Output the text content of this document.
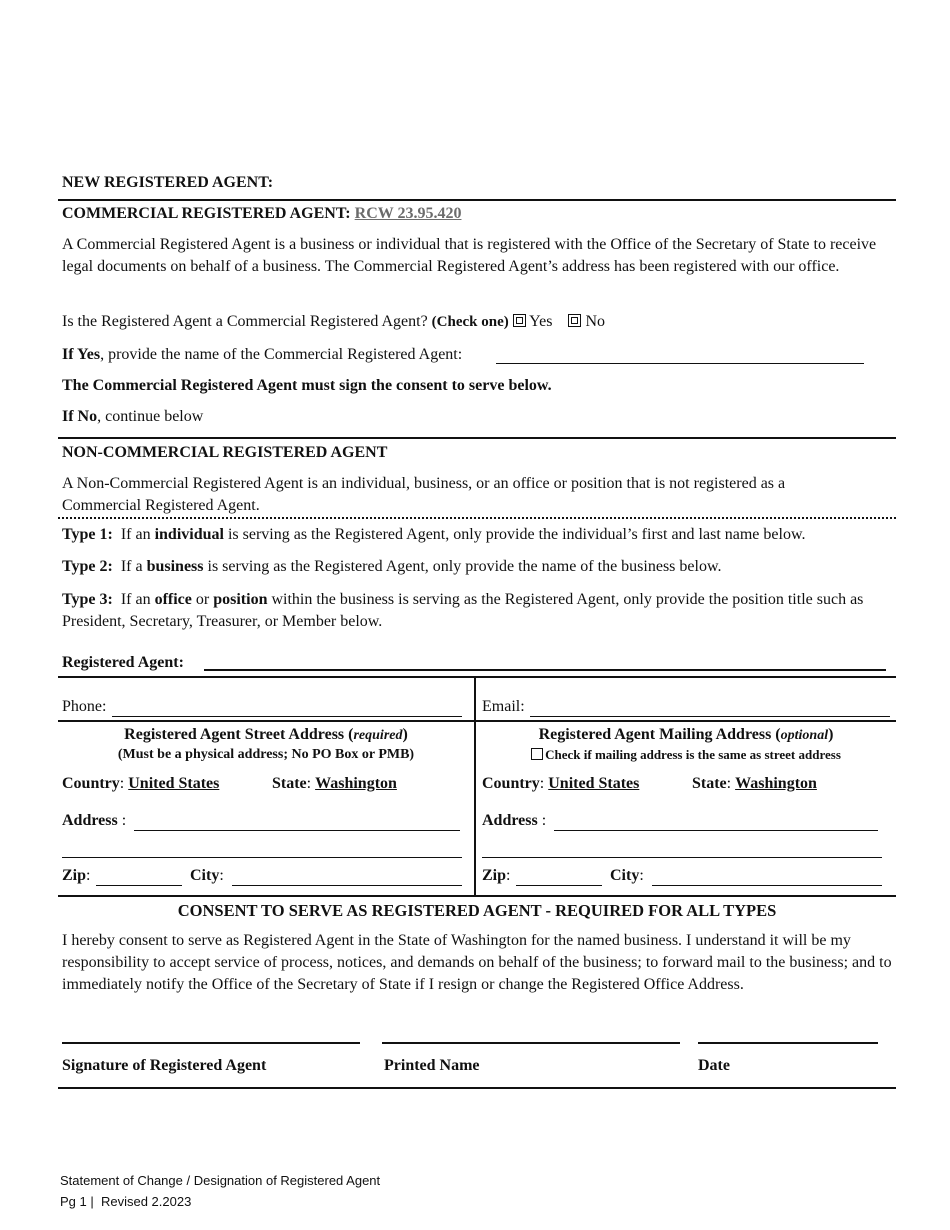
NEW REGISTERED AGENT:
COMMERCIAL REGISTERED AGENT: RCW 23.95.420
A Commercial Registered Agent is a business or individual that is registered with the Office of the Secretary of State to receive legal documents on behalf of a business. The Commercial Registered Agent’s address has been registered with our office.
Is the Registered Agent a Commercial Registered Agent? (Check one) Yes No
If Yes, provide the name of the Commercial Registered Agent:
The Commercial Registered Agent must sign the consent to serve below.
If No, continue below
NON-COMMERCIAL REGISTERED AGENT
A Non-Commercial Registered Agent is an individual, business, or an office or position that is not registered as a Commercial Registered Agent.
Type 1: If an individual is serving as the Registered Agent, only provide the individual’s first and last name below.
Type 2: If a business is serving as the Registered Agent, only provide the name of the business below.
Type 3: If an office or position within the business is serving as the Registered Agent, only provide the position title such as President, Secretary, Treasurer, or Member below.
Registered Agent:
Phone:	Email:
Registered Agent Street Address (required)
(Must be a physical address; No PO Box or PMB)
Country: United States	State: Washington
Address :
Zip:	City:
Registered Agent Mailing Address (optional)
Check if mailing address is the same as street address
Country: United States	State: Washington
Address :
Zip:	City:
CONSENT TO SERVE AS REGISTERED AGENT - REQUIRED FOR ALL TYPES
I hereby consent to serve as Registered Agent in the State of Washington for the named business. I understand it will be my responsibility to accept service of process, notices, and demands on behalf of the business; to forward mail to the business; and to immediately notify the Office of the Secretary of State if I resign or change the Registered Office Address.
Signature of Registered Agent	Printed Name	Date
Statement of Change / Designation of Registered Agent
Pg 1 | Revised 2.2023
